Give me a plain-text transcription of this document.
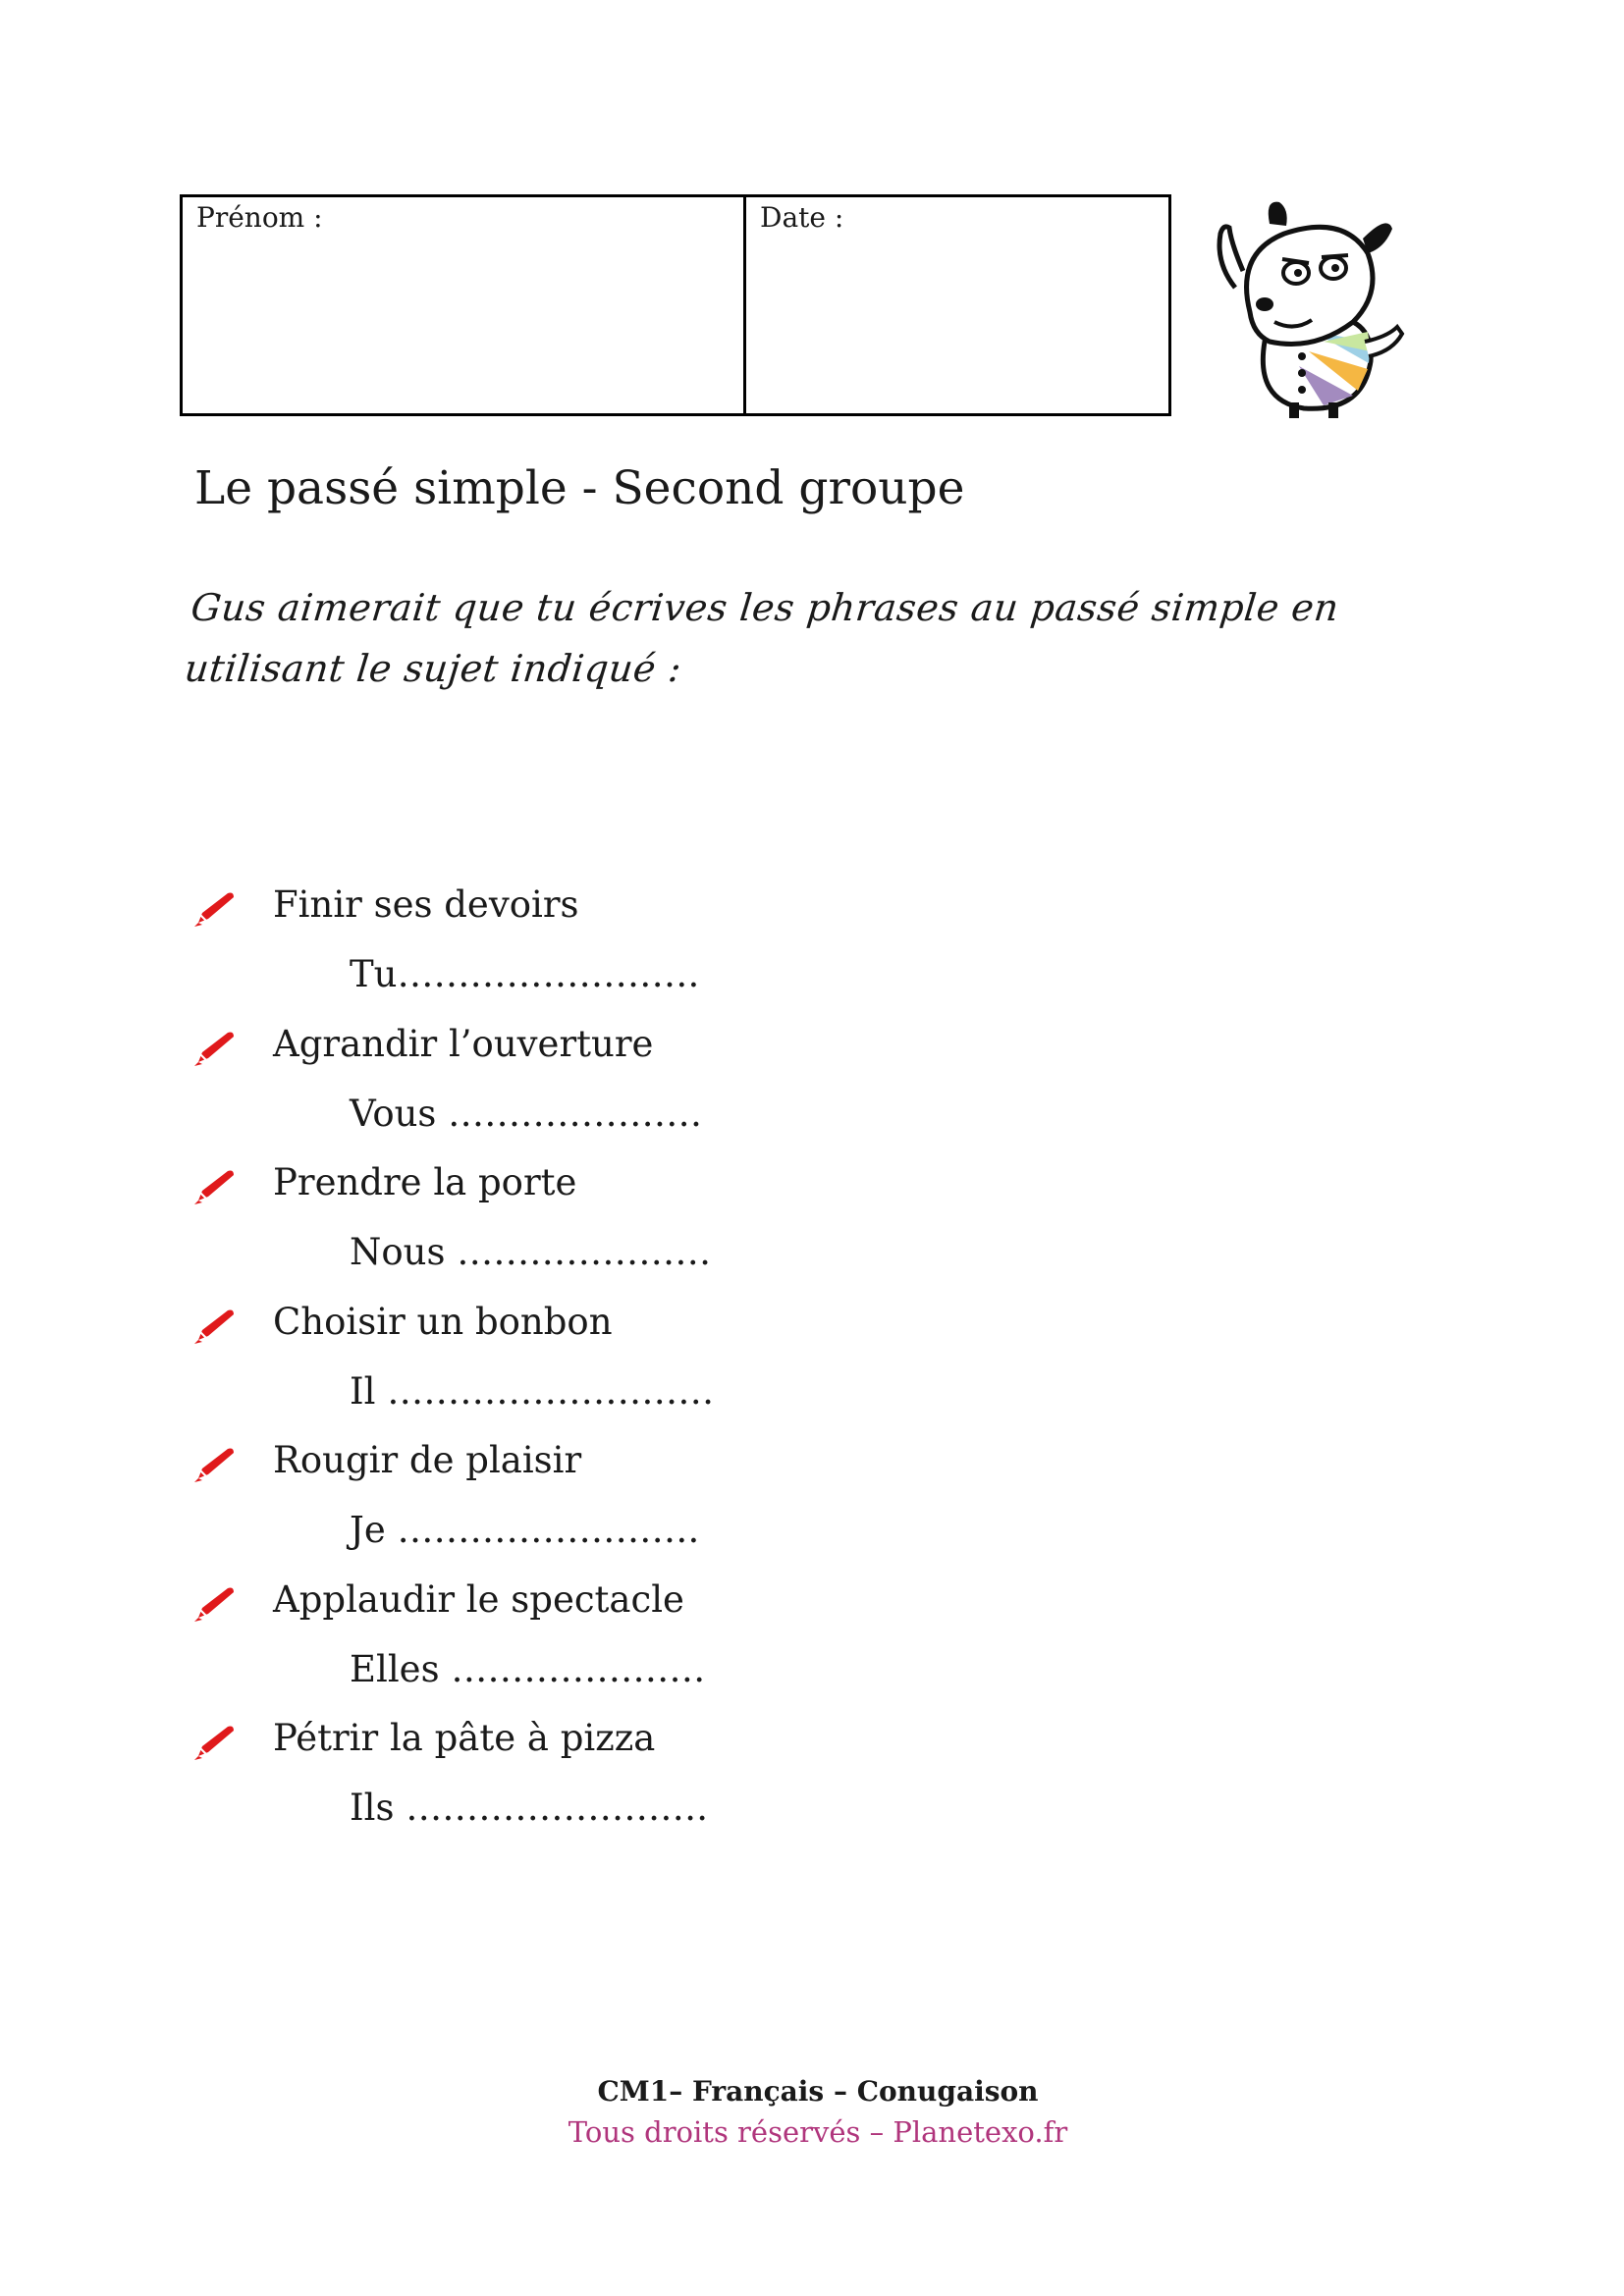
Prénom :	Date :
Le passé simple - Second groupe
Gus aimerait que tu écrives les phrases au passé simple en utilisant le sujet indiqué :
Finir ses devoirs
Tu…………………….
Agrandir l’ouverture
Vous …………………
Prendre la porte
Nous …………………
Choisir un bonbon
Il ………………………
Rougir de plaisir
Je …………………….
Applaudir le spectacle
Elles …………………
Pétrir la pâte à pizza
Ils …………………….
CM1– Français – Conugaison
Tous droits réservés – Planetexo.fr
